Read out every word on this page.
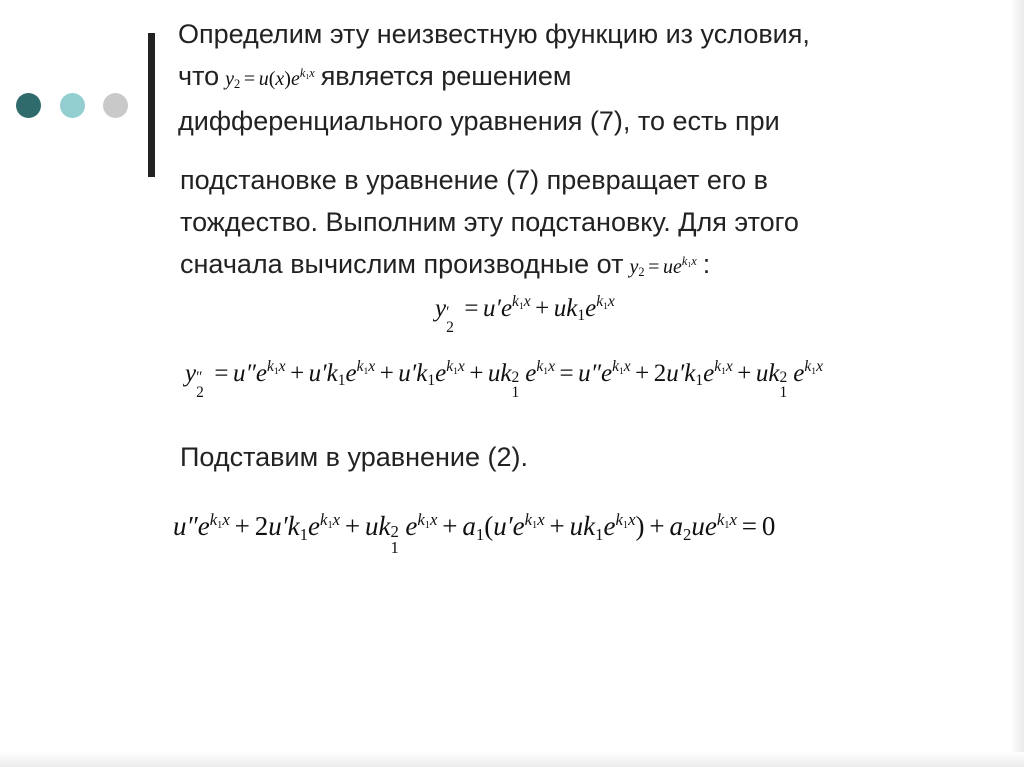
Определим эту неизвестную функцию из условия,
что $y_2 = u(x)e^{k_1x}$ является решением
дифференциального уравнения (7), то есть при

подстановке в уравнение (7) превращает его в
тождество. Выполним эту подстановку. Для этого
сначала вычислим производные от $y_2 = ue^{k_1x}$ :

y ′
2
= $u'e^{k_1x} + uk_1e^{k_1x}$
y ″
2
= $u''e^{k_1x} + u'k_1e^{k_1x} + u'k_1e^{k_1x}$ + uk 2
1
$e^{k_1x} = u''e^{k_1x} + 2u'k_1e^{k_1x}$ + uk 2
1
$e^{k_1x}$

Подставим в уравнение (2).

$u''e^{k_1x} + 2u'k_1e^{k_1x}$ + uk 2
1
$e^{k_1x} + a_1(u'e^{k_1x} + uk_1e^{k_1x}) + a_2ue^{k_1x} = 0$
